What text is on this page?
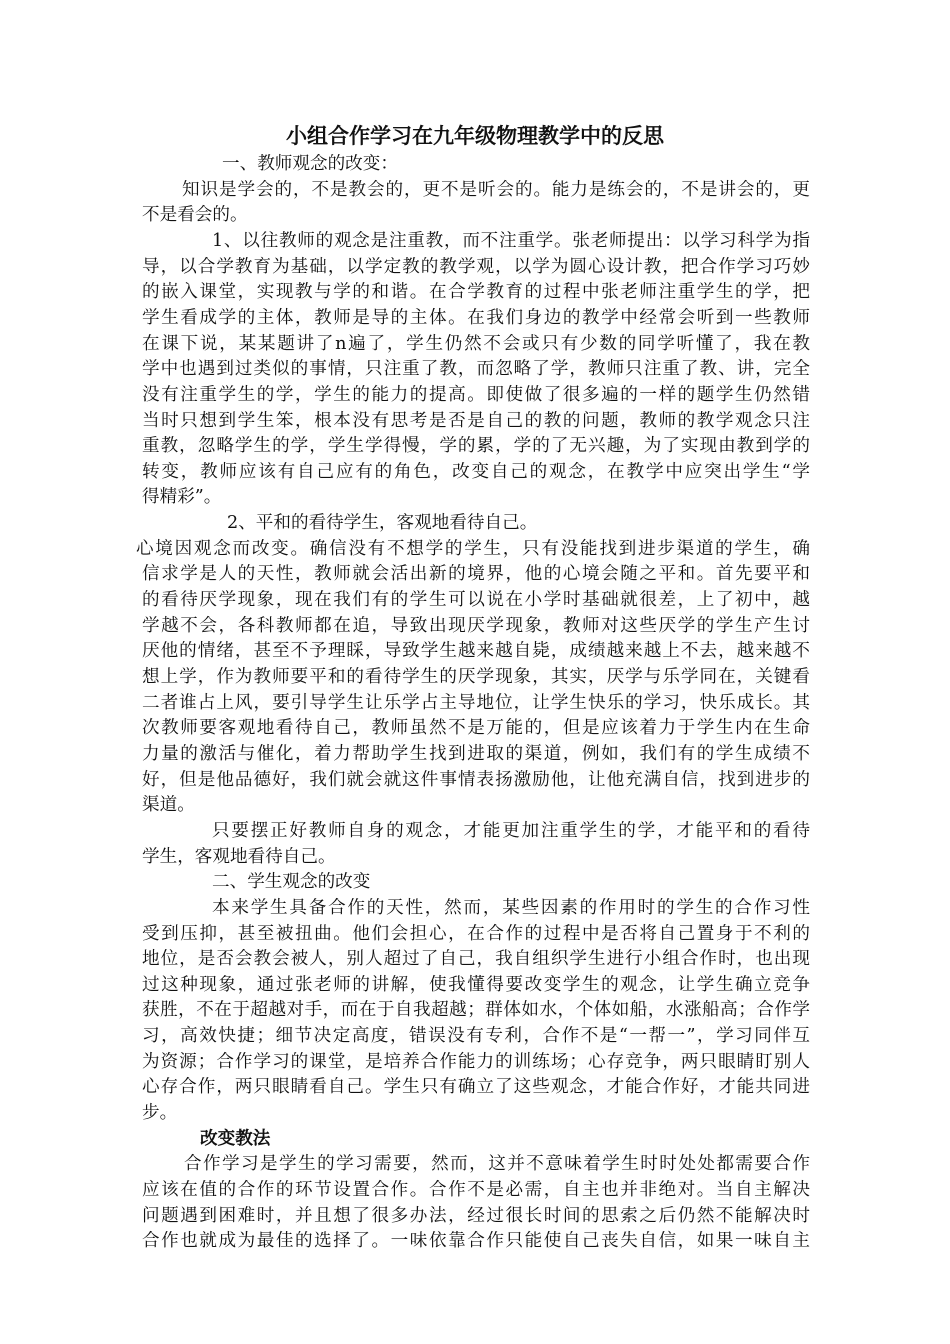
小组合作学习在九年级物理教学中的反思
一、教师观念的改变：
知识是学会的，不是教会的，更不是听会的。能力是练会的，不是讲会的，更
不是看会的。
1、以往教师的观念是注重教，而不注重学。张老师提出：以学习科学为指
导，以合学教育为基础，以学定教的教学观，以学为圆心设计教，把合作学习巧妙
的嵌入课堂，实现教与学的和谐。在合学教育的过程中张老师注重学生的学，把
学生看成学的主体，教师是导的主体。在我们身边的教学中经常会听到一些教师
在课下说，某某题讲了n遍了，学生仍然不会或只有少数的同学听懂了，我在教
学中也遇到过类似的事情，只注重了教，而忽略了学，教师只注重了教、讲，完全
没有注重学生的学，学生的能力的提高。即使做了很多遍的一样的题学生仍然错
当时只想到学生笨，根本没有思考是否是自己的教的问题，教师的教学观念只注
重教，忽略学生的学，学生学得慢，学的累，学的了无兴趣，为了实现由教到学的
转变，教师应该有自己应有的角色，改变自己的观念，在教学中应突出学生“学
得精彩”。
2、平和的看待学生，客观地看待自己。
心境因观念而改变。确信没有不想学的学生，只有没能找到进步渠道的学生，确
信求学是人的天性，教师就会活出新的境界，他的心境会随之平和。首先要平和
的看待厌学现象，现在我们有的学生可以说在小学时基础就很差，上了初中，越
学越不会，各科教师都在追，导致出现厌学现象，教师对这些厌学的学生产生讨
厌他的情绪，甚至不予理睬，导致学生越来越自毙，成绩越来越上不去，越来越不
想上学，作为教师要平和的看待学生的厌学现象，其实，厌学与乐学同在，关键看
二者谁占上风，要引导学生让乐学占主导地位，让学生快乐的学习，快乐成长。其
次教师要客观地看待自己，教师虽然不是万能的，但是应该着力于学生内在生命
力量的激活与催化，着力帮助学生找到进取的渠道，例如，我们有的学生成绩不
好，但是他品德好，我们就会就这件事情表扬激励他，让他充满自信，找到进步的
渠道。
只要摆正好教师自身的观念，才能更加注重学生的学，才能平和的看待
学生，客观地看待自己。
二、学生观念的改变
本来学生具备合作的天性，然而，某些因素的作用时的学生的合作习性
受到压抑，甚至被扭曲。他们会担心，在合作的过程中是否将自己置身于不利的
地位，是否会教会被人，别人超过了自己，我自组织学生进行小组合作时，也出现
过这种现象，通过张老师的讲解，使我懂得要改变学生的观念，让学生确立竞争
获胜，不在于超越对手，而在于自我超越；群体如水，个体如船，水涨船高；合作学
习，高效快捷；细节决定高度，错误没有专利，合作不是“一帮一”，学习同伴互
为资源；合作学习的课堂，是培养合作能力的训练场；心存竞争，两只眼睛盯别人
心存合作，两只眼睛看自己。学生只有确立了这些观念，才能合作好，才能共同进
步。
改变教法
合作学习是学生的学习需要，然而，这并不意味着学生时时处处都需要合作
应该在值的合作的环节设置合作。合作不是必需，自主也并非绝对。当自主解决
问题遇到困难时，并且想了很多办法，经过很长时间的思索之后仍然不能解决时
合作也就成为最佳的选择了。一味依靠合作只能使自己丧失自信，如果一味自主
